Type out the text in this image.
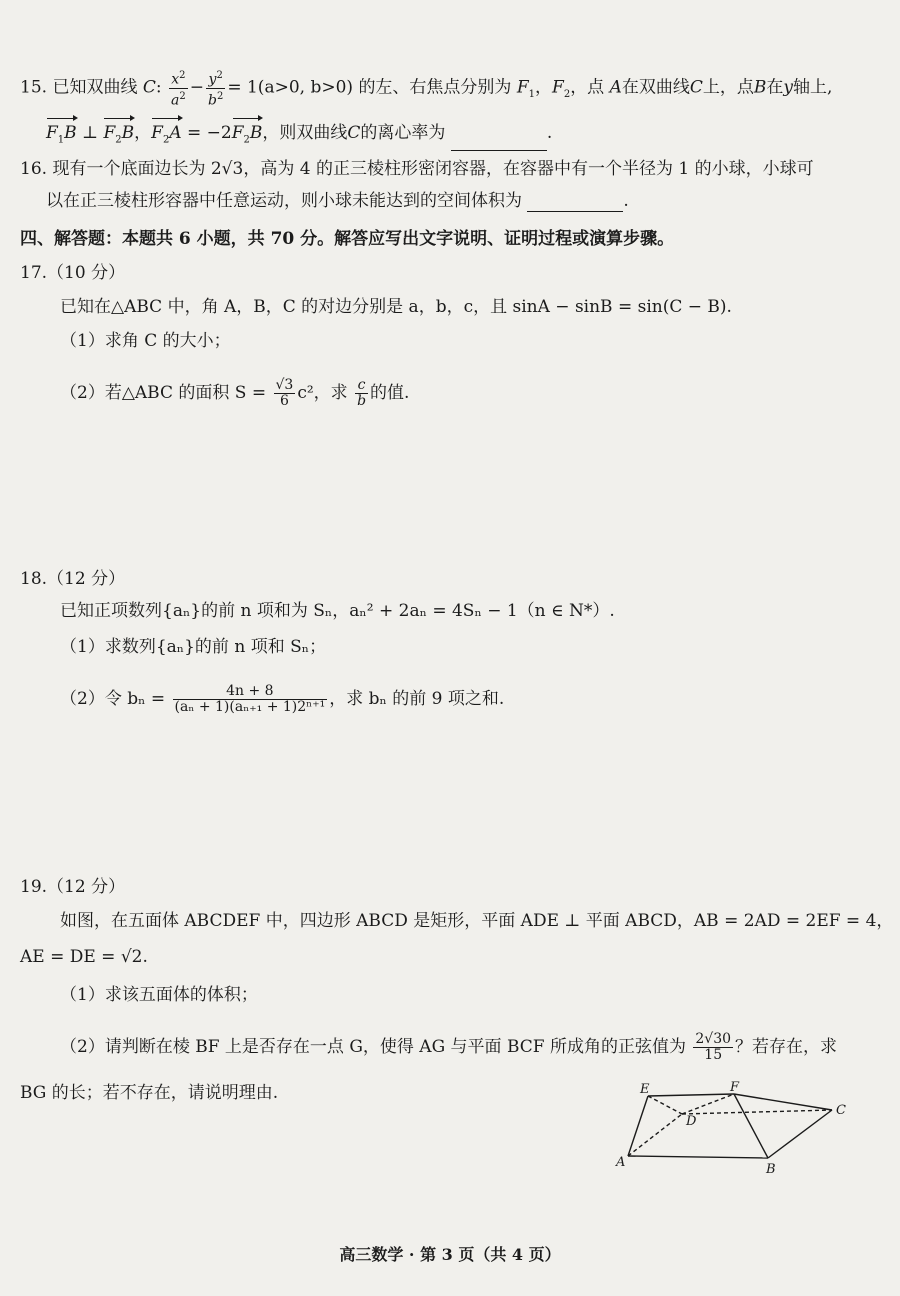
15. 已知双曲线 C: $\frac{x^2}{a^2} - \frac{y^2}{b^2} = 1(a>0$, b>0) 的左、右焦点分别为 $F_1$，$F_2$，点 A在双曲线C上，点B在y轴上,
$F_1B$ ⊥ $F_2B$，$F_2A = -2F_2B$，则双曲线C的离心率为	.
16. 现有一个底面边长为 2√3，高为 4 的正三棱柱形密闭容器，在容器中有一个半径为 1 的小球，小球可
以在正三棱柱形容器中任意运动，则小球未能达到的空间体积为	.
四、解答题：本题共 6 小题，共 70 分。解答应写出文字说明、证明过程或演算步骤。
17.（10 分）
已知在△ABC 中，角 A，B，C 的对边分别是 a，b，c，且 sinA − sinB = sin(C − B).
（1）求角 C 的大小；
（2）若△ABC 的面积 $S = \frac{√3}{6} c^2$，求 $\frac{c}{b}$ 的值.
18.（12 分）
已知正项数列{aₙ}的前 n 项和为 Sₙ，aₙ² + 2aₙ = 4Sₙ − 1（n ∈ N*）.
（1）求数列{aₙ}的前 n 项和 Sₙ；
（2）令 $b_n = \frac{4n + 8}{\text{(aₙ + 1)(aₙ₊₁ + 1)2ⁿ⁺¹}}$ ，求 bₙ 的前 9 项之和.
19.（12 分）
如图，在五面体 ABCDEF 中，四边形 ABCD 是矩形，平面 ADE ⊥ 平面 ABCD，AB = 2AD = 2EF = 4，
AE = DE = √2.
（1）求该五面体的体积；
（2）请判断在棱 BF 上是否存在一点 G，使得 AG 与平面 BCF 所成角的正弦值为 $\frac{2√30}{15}$ ？若存在，求
BG 的长；若不存在，请说明理由.	E	F
D
C
A	B
高三数学 · 第 3 页（共 4 页）
